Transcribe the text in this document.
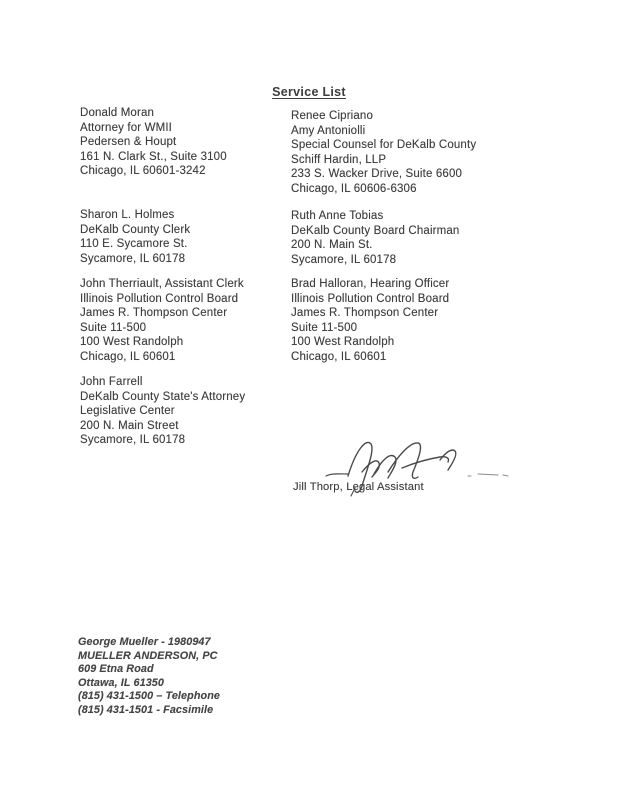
Service List
Donald Moran
Attorney for WMII
Pedersen & Houpt
161 N. Clark St., Suite 3100
Chicago, IL 60601-3242
Sharon L. Holmes
DeKalb County Clerk
110 E. Sycamore St.
Sycamore, IL 60178
John Therriault, Assistant Clerk
Illinois Pollution Control Board
James R. Thompson Center
Suite 11-500
100 West Randolph
Chicago, IL 60601
John Farrell
DeKalb County State's Attorney
Legislative Center
200 N. Main Street
Sycamore, IL 60178
Renee Cipriano
Amy Antoniolli
Special Counsel for DeKalb County
Schiff Hardin, LLP
233 S. Wacker Drive, Suite 6600
Chicago, IL 60606-6306
Ruth Anne Tobias
DeKalb County Board Chairman
200 N. Main St.
Sycamore, IL 60178
Brad Halloran, Hearing Officer
Illinois Pollution Control Board
James R. Thompson Center
Suite 11-500
100 West Randolph
Chicago, IL 60601
Jill Thorp, Legal Assistant
George Mueller - 1980947
MUELLER ANDERSON, PC
609 Etna Road
Ottawa, IL 61350
(815) 431-1500 – Telephone
(815) 431-1501 - Facsimile
